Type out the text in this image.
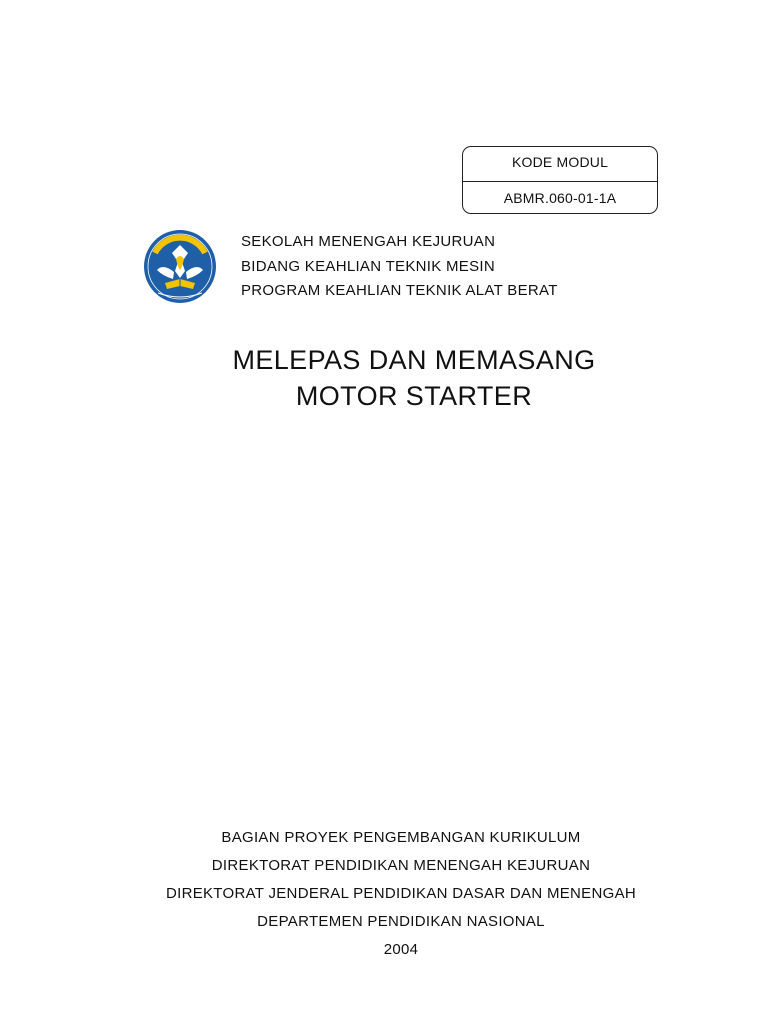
KODE MODUL
ABMR.060-01-1A
SEKOLAH MENENGAH KEJURUAN
BIDANG KEAHLIAN TEKNIK MESIN
PROGRAM KEAHLIAN TEKNIK ALAT BERAT
MELEPAS DAN MEMASANG
MOTOR STARTER
BAGIAN PROYEK PENGEMBANGAN KURIKULUM
DIREKTORAT PENDIDIKAN MENENGAH KEJURUAN
DIREKTORAT JENDERAL PENDIDIKAN DASAR DAN MENENGAH
DEPARTEMEN PENDIDIKAN NASIONAL
2004
